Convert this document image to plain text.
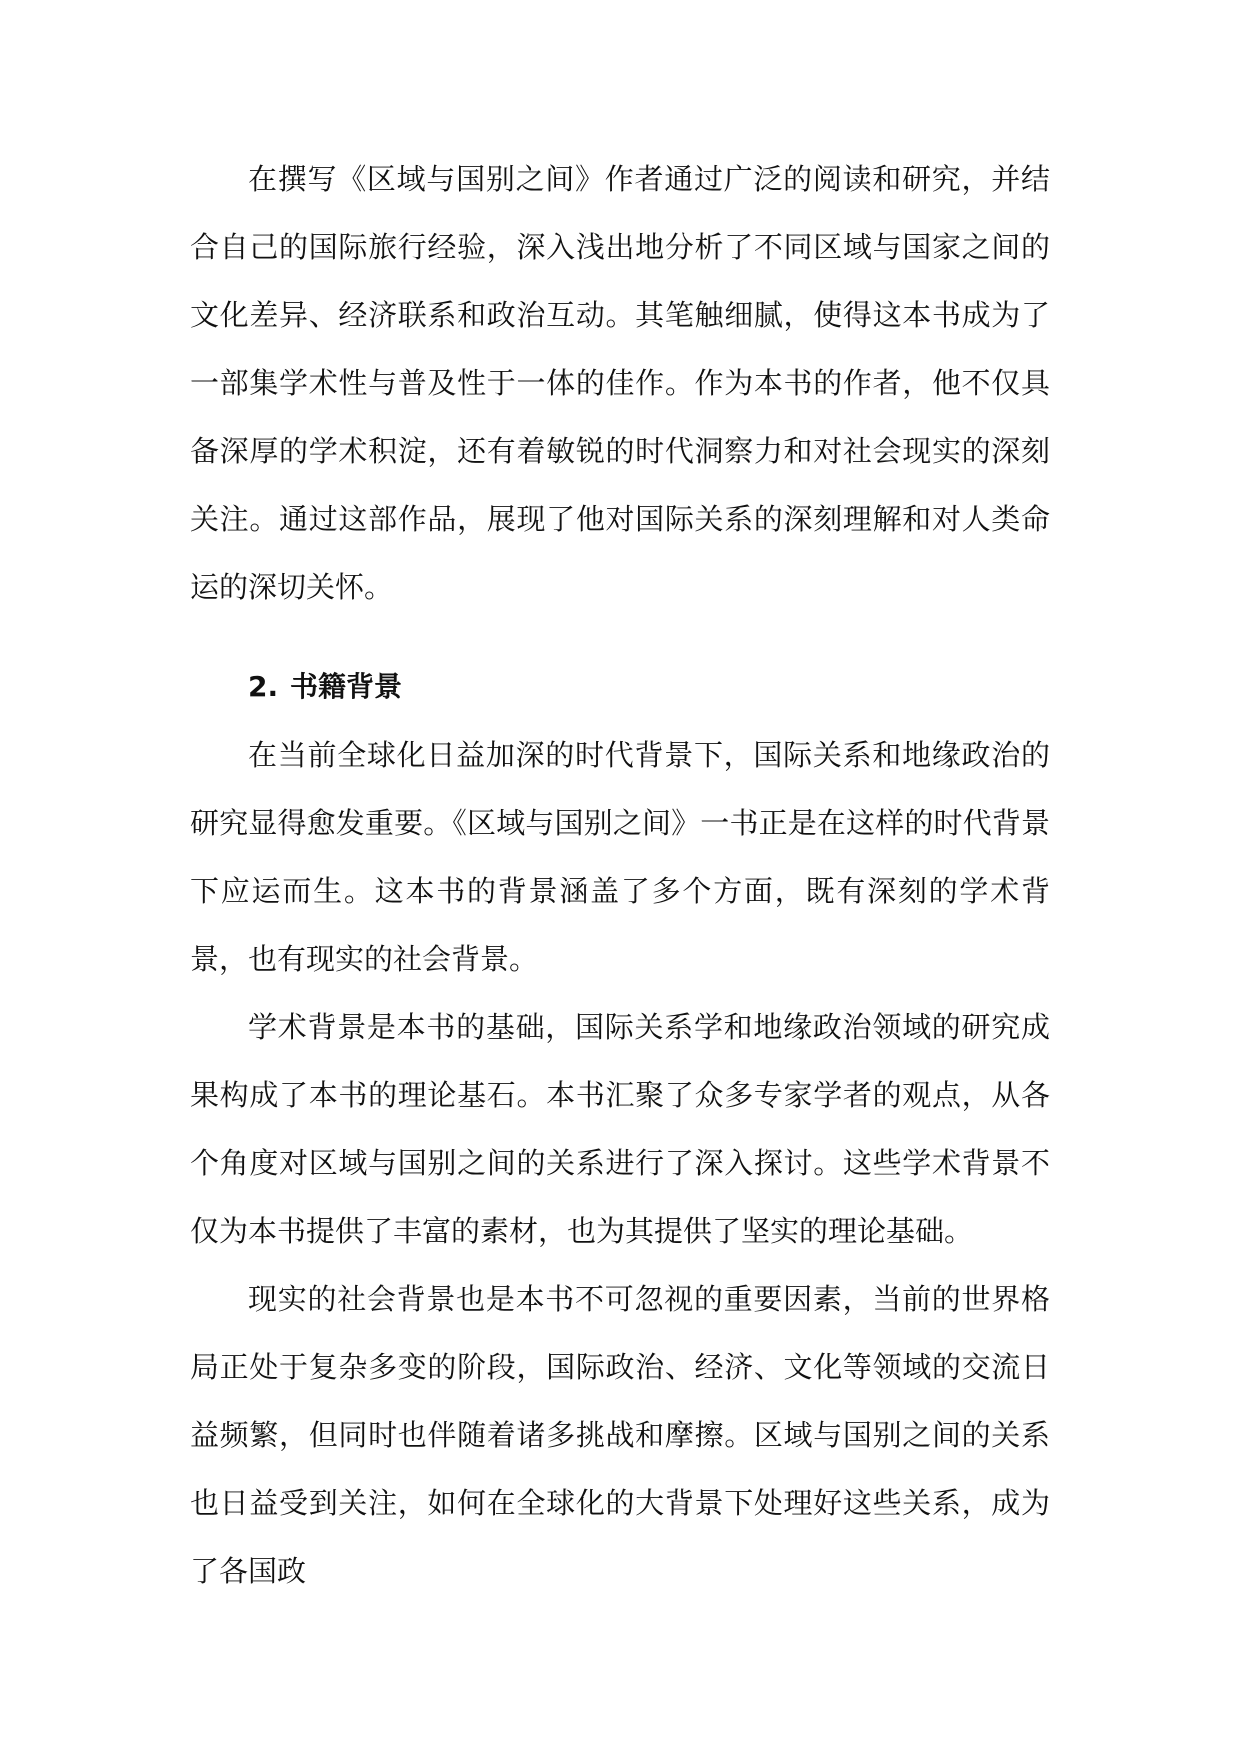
在撰写《区域与国别之间》作者通过广泛的阅读和研究，并结合自己的国际旅行经验，深入浅出地分析了不同区域与国家之间的文化差异、经济联系和政治互动。其笔触细腻，使得这本书成为了一部集学术性与普及性于一体的佳作。作为本书的作者，他不仅具备深厚的学术积淀，还有着敏锐的时代洞察力和对社会现实的深刻关注。通过这部作品，展现了他对国际关系的深刻理解和对人类命运的深切关怀。

2. 书籍背景

在当前全球化日益加深的时代背景下，国际关系和地缘政治的研究显得愈发重要。《区域与国别之间》一书正是在这样的时代背景下应运而生。这本书的背景涵盖了多个方面，既有深刻的学术背景，也有现实的社会背景。

学术背景是本书的基础，国际关系学和地缘政治领域的研究成果构成了本书的理论基石。本书汇聚了众多专家学者的观点，从各个角度对区域与国别之间的关系进行了深入探讨。这些学术背景不仅为本书提供了丰富的素材，也为其提供了坚实的理论基础。

现实的社会背景也是本书不可忽视的重要因素，当前的世界格局正处于复杂多变的阶段，国际政治、经济、文化等领域的交流日益频繁，但同时也伴随着诸多挑战和摩擦。区域与国别之间的关系也日益受到关注，如何在全球化的大背景下处理好这些关系，成为了各国政
